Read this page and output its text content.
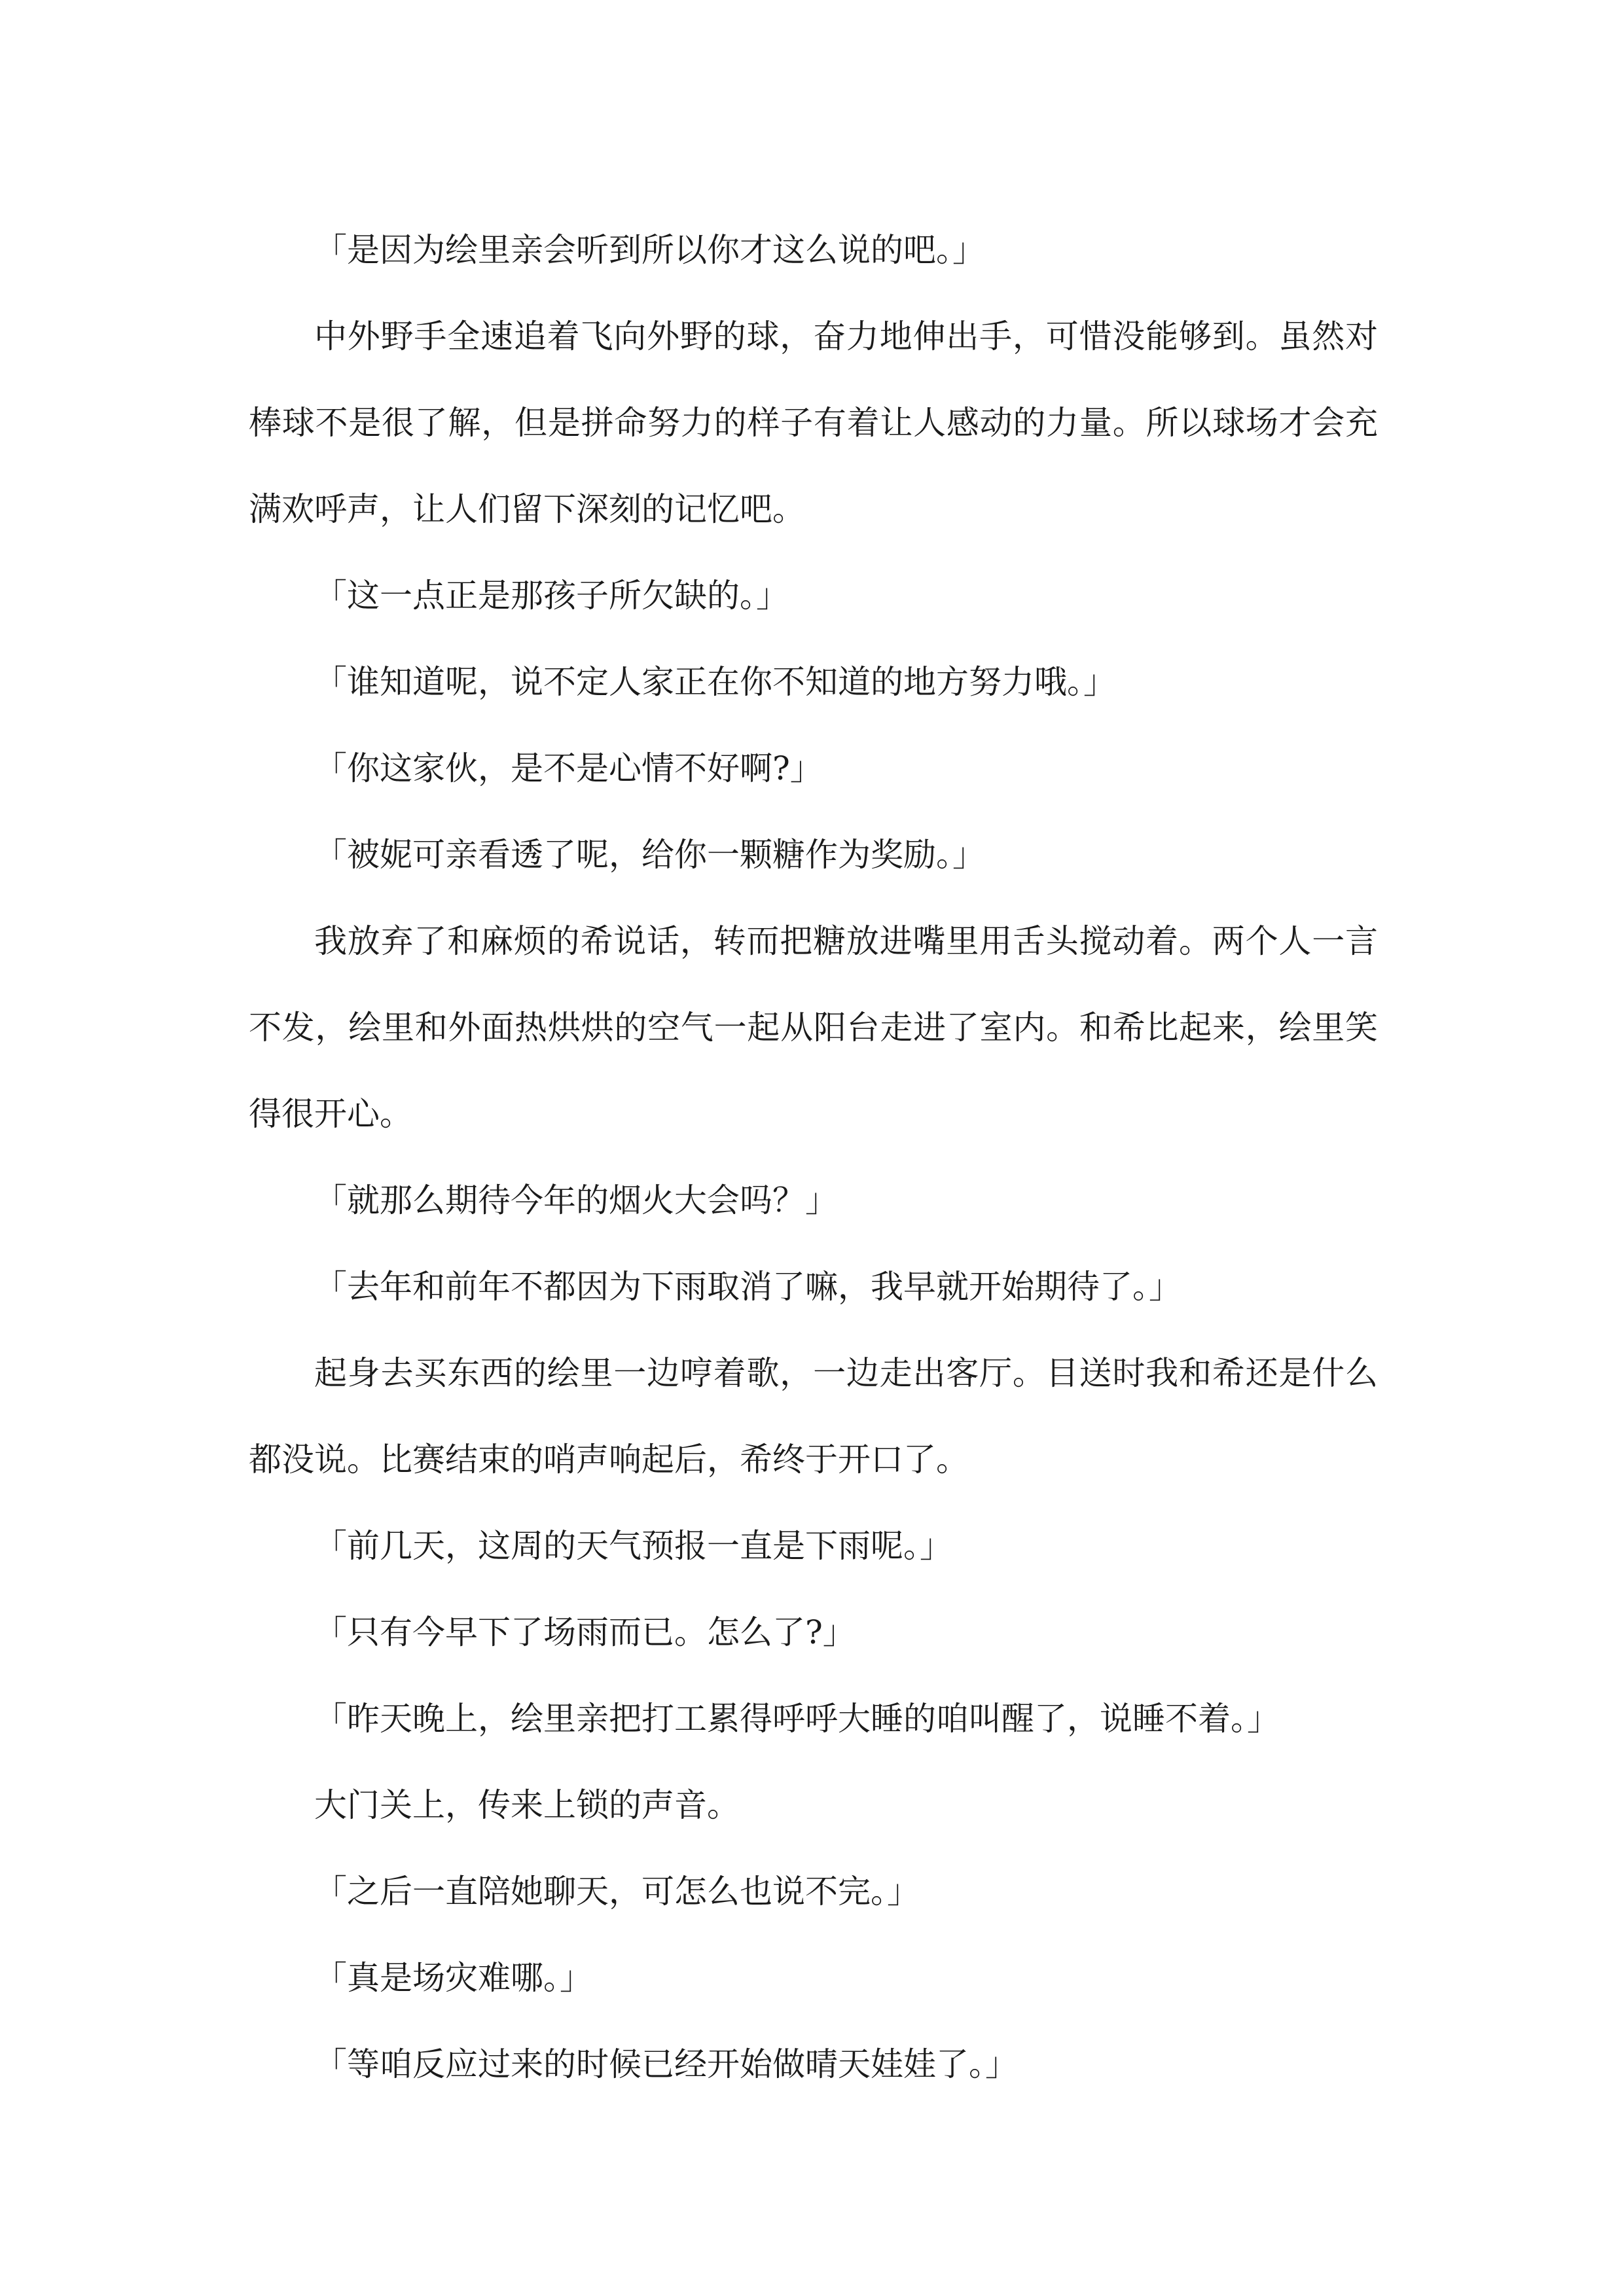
「是因为绘里亲会听到所以你才这么说的吧。」

中外野手全速追着飞向外野的球，奋力地伸出手，可惜没能够到。虽然对棒球不是很了解，但是拼命努力的样子有着让人感动的力量。所以球场才会充满欢呼声，让人们留下深刻的记忆吧。

「这一点正是那孩子所欠缺的。」

「谁知道呢，说不定人家正在你不知道的地方努力哦。」

「你这家伙，是不是心情不好啊?」

「被妮可亲看透了呢，给你一颗糖作为奖励。」

我放弃了和麻烦的希说话，转而把糖放进嘴里用舌头搅动着。两个人一言不发，绘里和外面热烘烘的空气一起从阳台走进了室内。和希比起来，绘里笑得很开心。

「就那么期待今年的烟火大会吗？」

「去年和前年不都因为下雨取消了嘛，我早就开始期待了。」

起身去买东西的绘里一边哼着歌，一边走出客厅。目送时我和希还是什么都没说。比赛结束的哨声响起后，希终于开口了。

「前几天，这周的天气预报一直是下雨呢。」

「只有今早下了场雨而已。怎么了?」

「昨天晚上，绘里亲把打工累得呼呼大睡的咱叫醒了，说睡不着。」

大门关上，传来上锁的声音。

「之后一直陪她聊天，可怎么也说不完。」

「真是场灾难哪。」

「等咱反应过来的时候已经开始做晴天娃娃了。」
